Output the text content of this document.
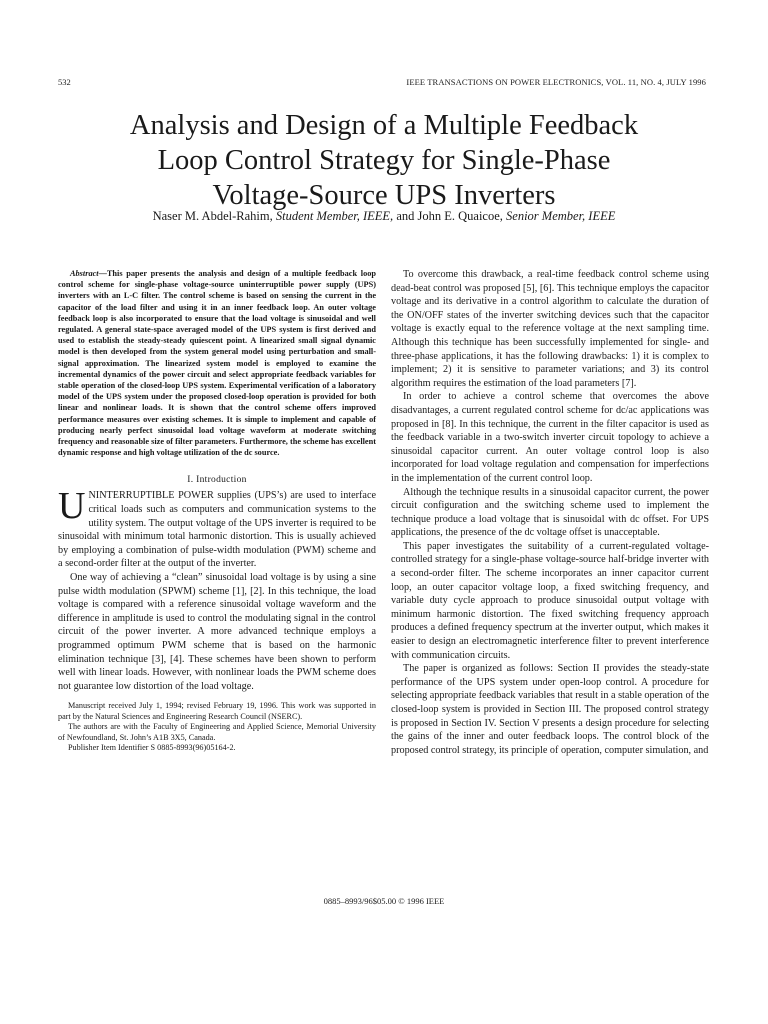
532	IEEE TRANSACTIONS ON POWER ELECTRONICS, VOL. 11, NO. 4, JULY 1996
Analysis and Design of a Multiple Feedback
Loop Control Strategy for Single-Phase
Voltage-Source UPS Inverters
Naser M. Abdel-Rahim, Student Member, IEEE, and John E. Quaicoe, Senior Member, IEEE

Abstract—This paper presents the analysis and design of a multiple feedback loop control scheme for single-phase voltage-source uninterruptible power supply (UPS) inverters with an L-C filter. The control scheme is based on sensing the current in the capacitor of the load filter and using it in an inner feedback loop. An outer voltage feedback loop is also incorporated to ensure that the load voltage is sinusoidal and well regulated. A general state-space averaged model of the UPS system is first derived and used to establish the steady-steady quiescent point. A linearized small signal dynamic model is then developed from the system general model using perturbation and small-signal approximation. The linearized system model is employed to examine the incremental dynamics of the power circuit and select appropriate feedback variables for stable operation of the closed-loop UPS system. Experimental verification of a laboratory model of the UPS system under the proposed closed-loop operation is provided for both linear and nonlinear loads. It is shown that the control scheme offers improved performance measures over existing schemes. It is simple to implement and capable of producing nearly perfect sinusoidal load voltage waveform at moderate switching frequency and reasonable size of filter parameters. Furthermore, the scheme has excellent dynamic response and high voltage utilization of the dc source.

I. Introduction

UNINTERRUPTIBLE POWER supplies (UPS’s) are used to interface critical loads such as computers and communication systems to the utility system. The output voltage of the UPS inverter is required to be sinusoidal with minimum total harmonic distortion. This is usually achieved by employing a combination of pulse-width modulation (PWM) scheme and a second-order filter at the output of the inverter.

One way of achieving a “clean” sinusoidal load voltage is by using a sine pulse width modulation (SPWM) scheme [1], [2]. In this technique, the load voltage is compared with a reference sinusoidal voltage waveform and the difference in amplitude is used to control the modulating signal in the control circuit of the power inverter. A more advanced technique employs a programmed optimum PWM scheme that is based on the harmonic elimination technique [3], [4]. These schemes have been shown to perform well with linear loads. However, with nonlinear loads the PWM scheme does not guarantee low distortion of the load voltage.

Manuscript received July 1, 1994; revised February 19, 1996. This work was supported in part by the Natural Sciences and Engineering Research Council (NSERC).

The authors are with the Faculty of Engineering and Applied Science, Memorial University of Newfoundland, St. John’s A1B 3X5, Canada.

Publisher Item Identifier S 0885-8993(96)05164-2.

To overcome this drawback, a real-time feedback control scheme using dead-beat control was proposed [5], [6]. This technique employs the capacitor voltage and its derivative in a control algorithm to calculate the duration of the ON/OFF states of the inverter switching devices such that the capacitor voltage is exactly equal to the reference voltage at the next sampling time. Although this technique has been successfully implemented for single- and three-phase applications, it has the following drawbacks: 1) it is complex to implement; 2) it is sensitive to parameter variations; and 3) its control algorithm requires the estimation of the load parameters [7].

In order to achieve a control scheme that overcomes the above disadvantages, a current regulated control scheme for dc/ac applications was proposed in [8]. In this technique, the current in the filter capacitor is used as the feedback variable in a two-switch inverter circuit topology to achieve a sinusoidal capacitor current. An outer voltage control loop is also incorporated for load voltage regulation and compensation for imperfections in the implementation of the current control loop.

Although the technique results in a sinusoidal capacitor current, the power circuit configuration and the switching scheme used to implement the technique produce a load voltage that is sinusoidal with dc offset. For UPS applications, the presence of the dc voltage offset is unacceptable.

This paper investigates the suitability of a current-regulated voltage-controlled strategy for a single-phase voltage-source half-bridge inverter with a second-order filter. The scheme incorporates an inner capacitor current loop, an outer capacitor voltage loop, a fixed switching frequency, and variable duty cycle approach to produce sinusoidal output voltage with minimum harmonic distortion. The fixed switching frequency approach produces a defined frequency spectrum at the inverter output, which makes it easier to design an electromagnetic interference filter to prevent interference with communication circuits.

The paper is organized as follows: Section II provides the steady-state performance of the UPS system under open-loop control. A procedure for selecting appropriate feedback variables that result in a stable operation of the closed-loop system is provided in Section III. The proposed control strategy is proposed in Section IV. Section V presents a design procedure for selecting the gains of the inner and outer feedback loops. The control block of the proposed control strategy, its principle of operation, computer simulation, and

0885–8993/96$05.00 © 1996 IEEE
